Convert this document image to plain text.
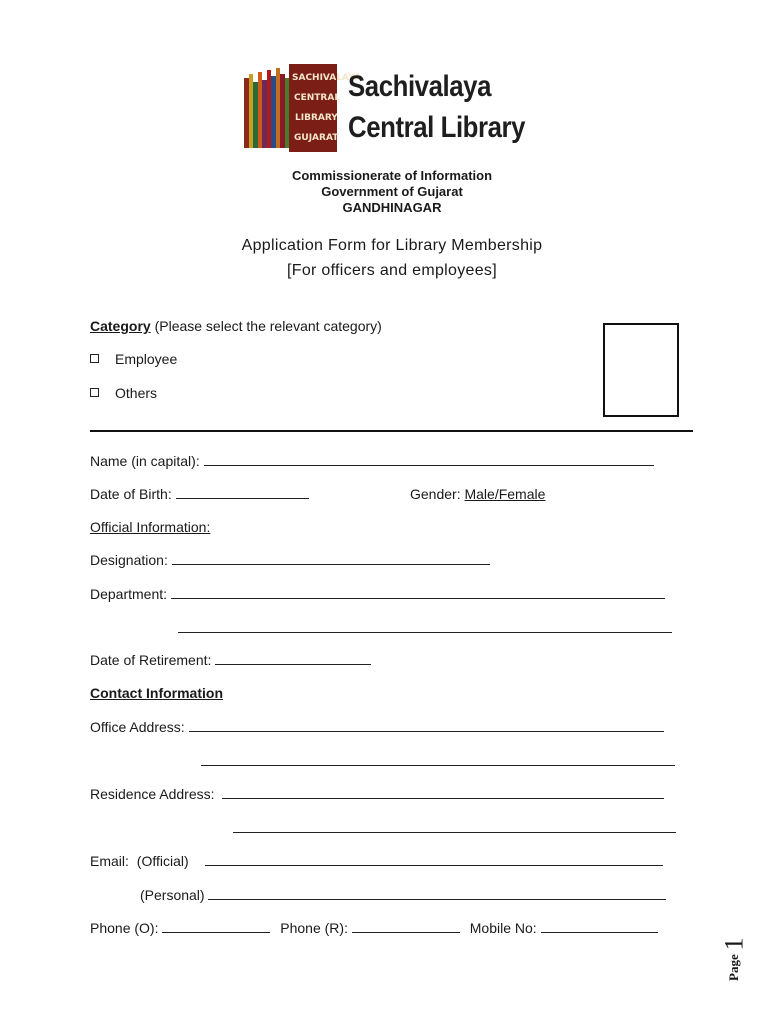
SACHIVALAYA
CENTRAL
LIBRARY
GUJARAT
Sachivalaya
Central Library
Commissionerate of Information
Government of Gujarat
GANDHINAGAR
Application Form for Library Membership
[For officers and employees]
Category (Please select the relevant category)
Employee
Others
Name (in capital):
Date of Birth:	Gender: Male/Female
Official Information:
Designation:
Department:
Date of Retirement:
Contact Information
Office Address:
Residence Address:
Email: (Official)
(Personal)
Phone (O):	Phone (R):	Mobile No:
Page
1
